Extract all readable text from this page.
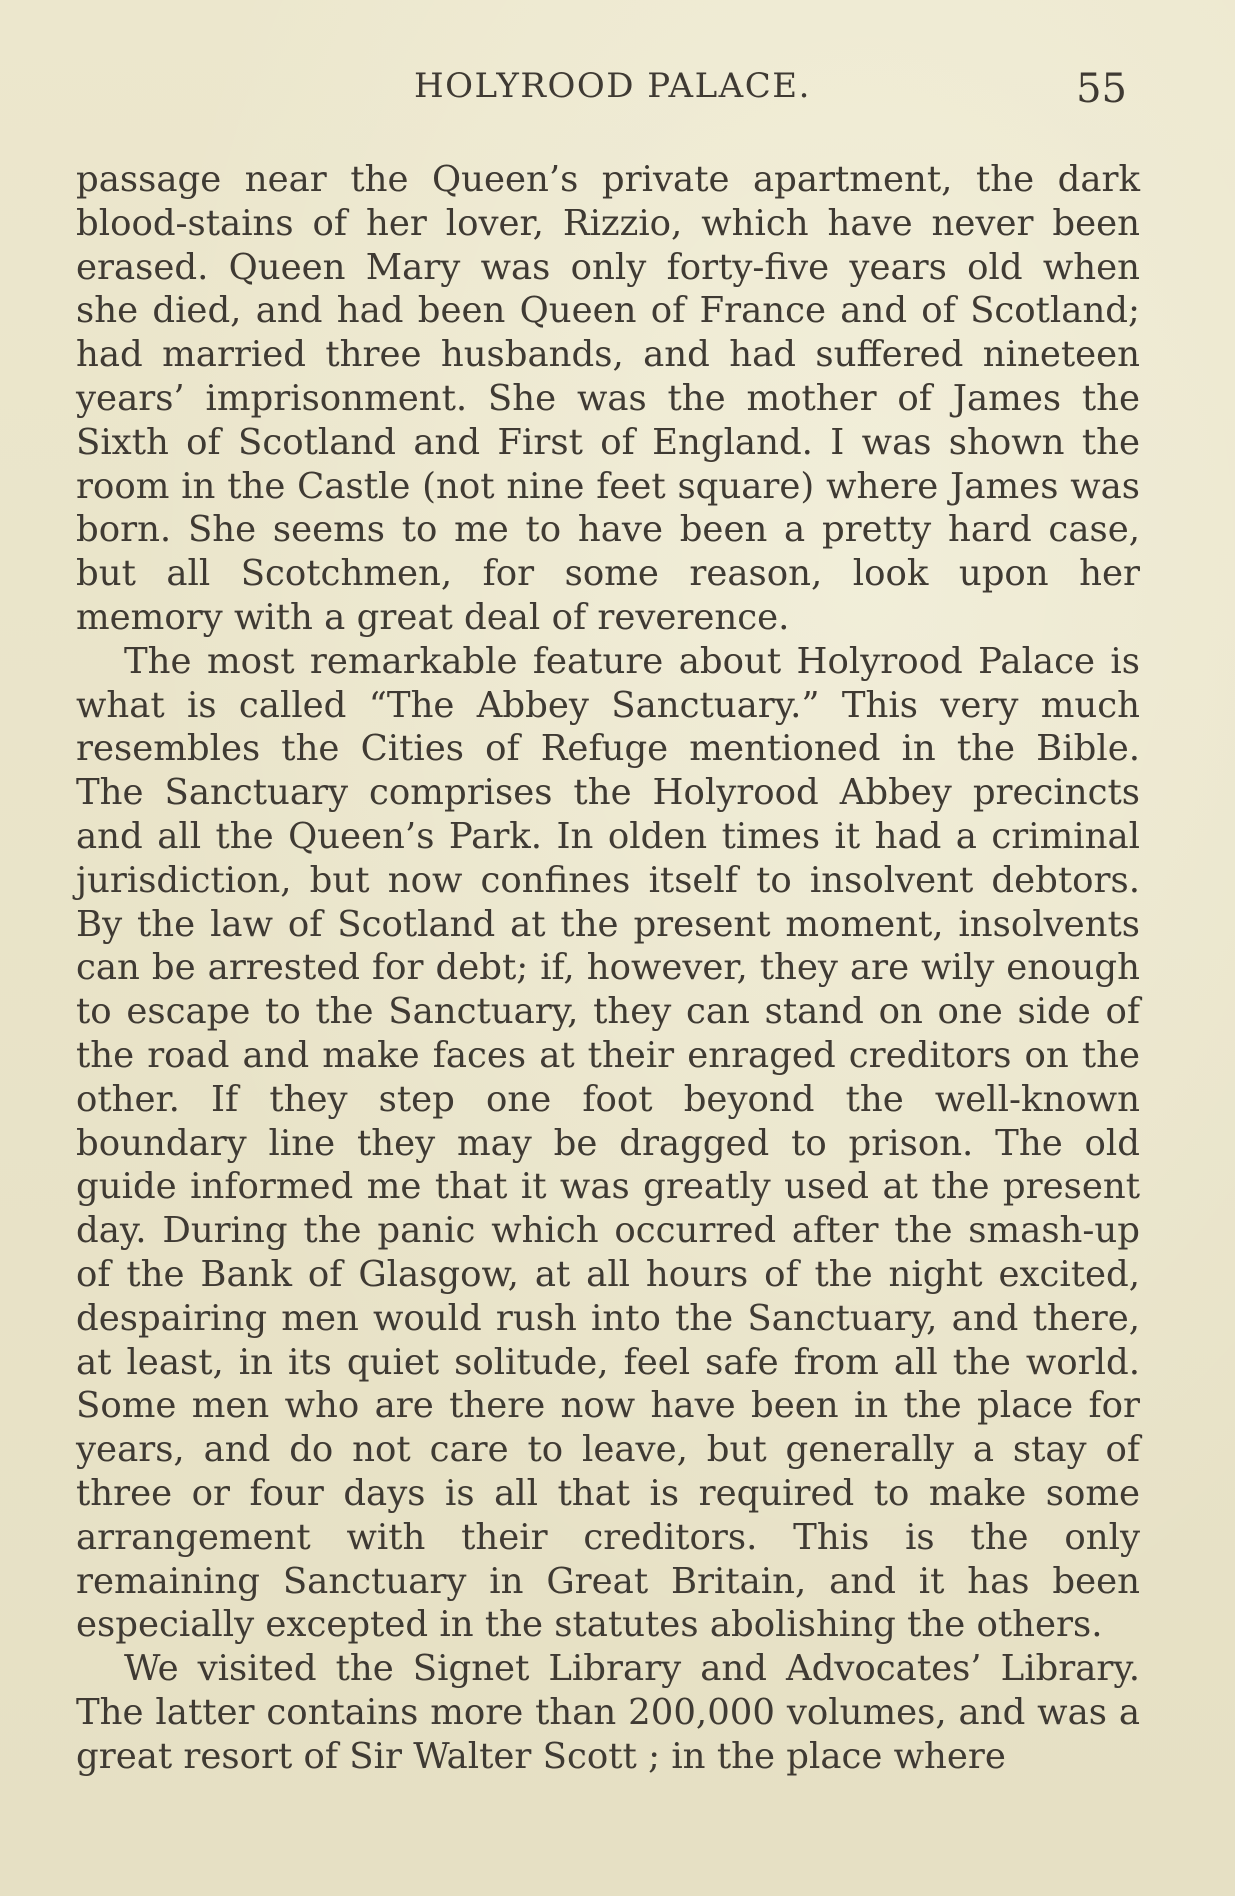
HOLYROOD PALACE.	55

passage near the Queen’s private apartment, the dark blood-stains of her lover, Rizzio, which have never been erased. Queen Mary was only forty-five years old when she died, and had been Queen of France and of Scotland; had married three husbands, and had suffered nineteen years’ imprisonment. She was the mother of James the Sixth of Scotland and First of England. I was shown the room in the Castle (not nine feet square) where James was born. She seems to me to have been a pretty hard case, but all Scotchmen, for some reason, look upon her memory with a great deal of reverence.

The most remarkable feature about Holyrood Palace is what is called “The Abbey Sanctuary.” This very much resembles the Cities of Refuge mentioned in the Bible. The Sanctuary comprises the Holyrood Abbey precincts and all the Queen’s Park. In olden times it had a criminal jurisdiction, but now confines itself to insolvent debtors. By the law of Scotland at the present moment, insolvents can be arrested for debt; if, however, they are wily enough to escape to the Sanctuary, they can stand on one side of the road and make faces at their enraged creditors on the other. If they step one foot beyond the well-known boundary line they may be dragged to prison. The old guide informed me that it was greatly used at the present day. During the panic which occurred after the smash-up of the Bank of Glasgow, at all hours of the night excited, despairing men would rush into the Sanctuary, and there, at least, in its quiet solitude, feel safe from all the world. Some men who are there now have been in the place for years, and do not care to leave, but generally a stay of three or four days is all that is required to make some arrangement with their creditors. This is the only remaining Sanctuary in Great Britain, and it has been especially excepted in the statutes abolishing the others.

We visited the Signet Library and Advocates’ Library. The latter contains more than 200,000 volumes, and was a great resort of Sir Walter Scott ; in the place where
